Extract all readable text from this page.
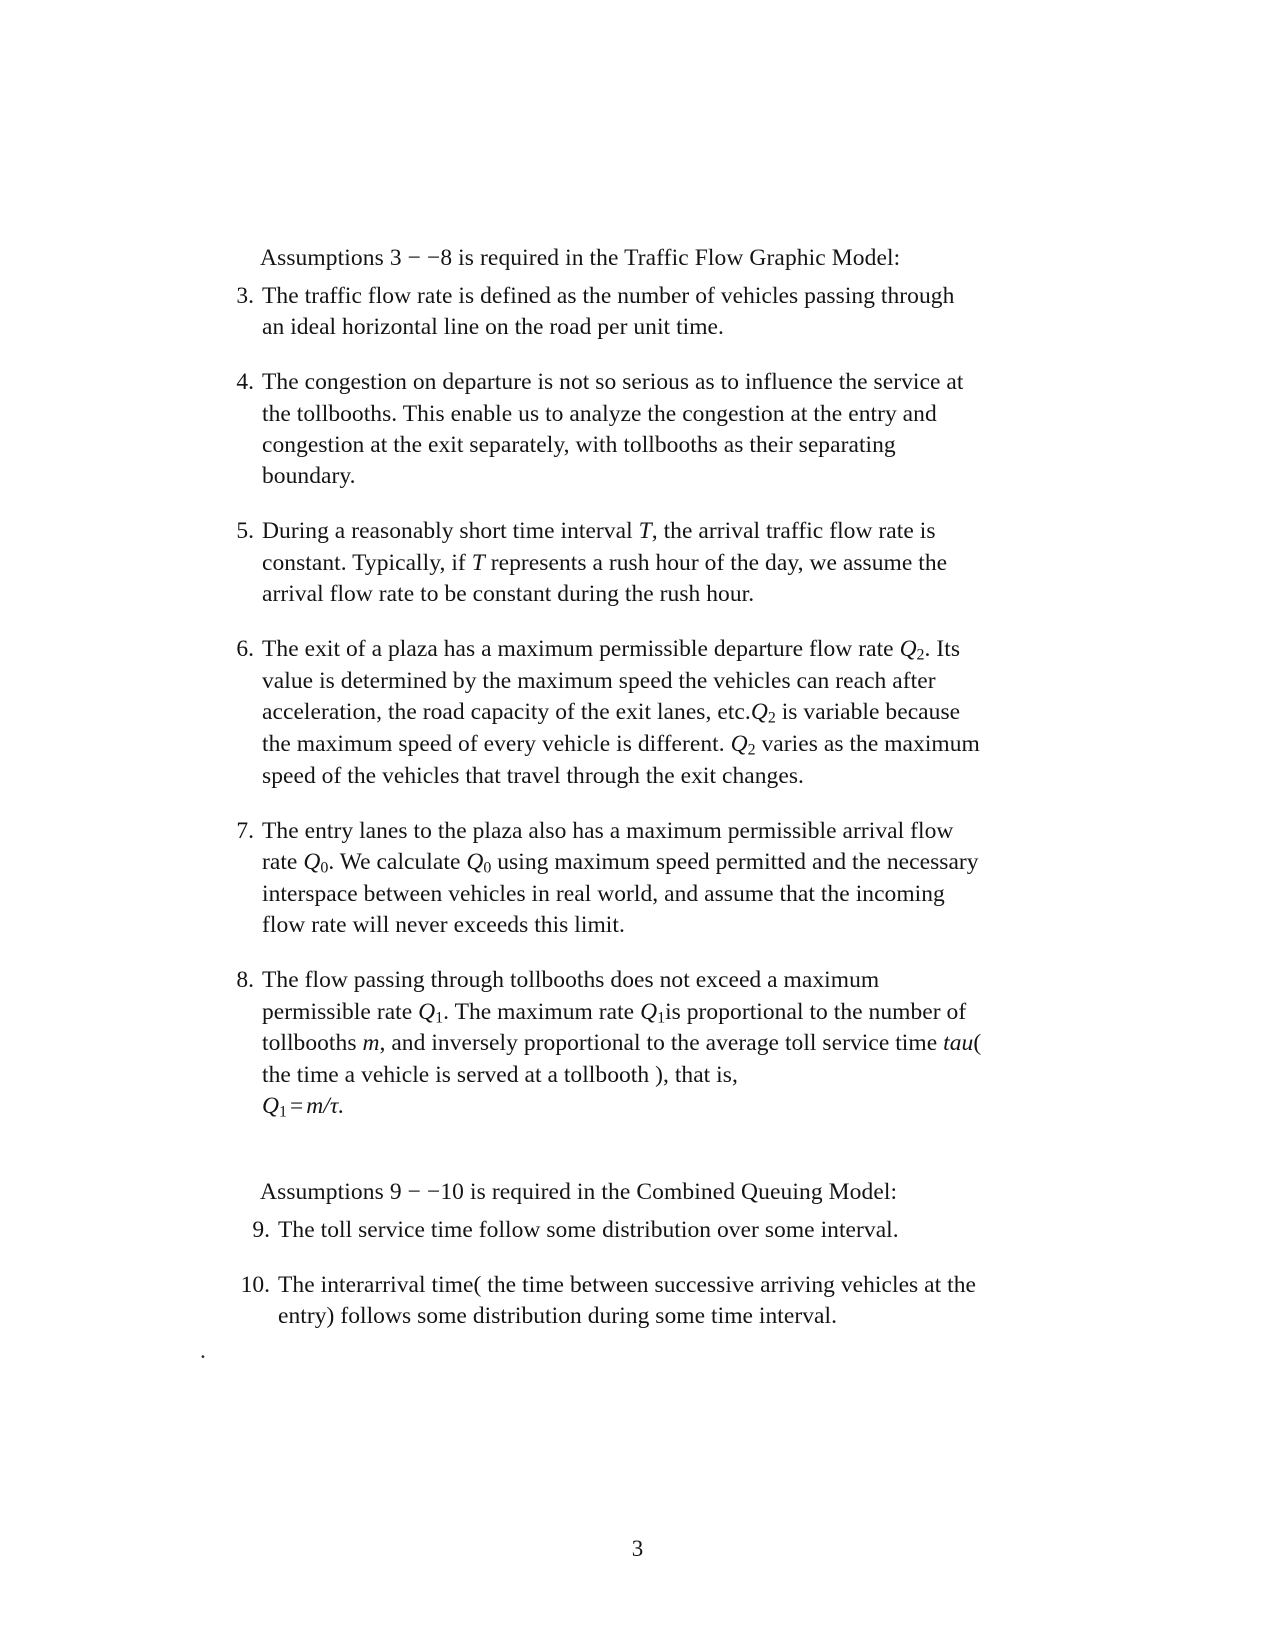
Assumptions 3 − −8 is required in the Traffic Flow Graphic Model:

3. The traffic flow rate is defined as the number of vehicles passing through an ideal horizontal line on the road per unit time.
4. The congestion on departure is not so serious as to influence the service at the tollbooths. This enable us to analyze the congestion at the entry and congestion at the exit separately, with tollbooths as their separating boundary.
5. During a reasonably short time interval T, the arrival traffic flow rate is constant. Typically, if T represents a rush hour of the day, we assume the arrival flow rate to be constant during the rush hour.
6. The exit of a plaza has a maximum permissible departure flow rate $Q_2$. Its value is determined by the maximum speed the vehicles can reach after acceleration, the road capacity of the exit lanes, $etc.Q_2$ is variable because the maximum speed of every vehicle is different. $Q_2$ varies as the maximum speed of the vehicles that travel through the exit changes.
7. The entry lanes to the plaza also has a maximum permissible arrival flow rate $Q_0$. We calculate $Q_0$ using maximum speed permitted and the necessary interspace between vehicles in real world, and assume that the incoming flow rate will never exceeds this limit.
8. The flow passing through tollbooths does not exceed a maximum permissible rate $Q_1$. The maximum rate $Q_1is$ proportional to the number of tollbooths m, and inversely proportional to the average toll service time tau( the time a vehicle is served at a tollbooth ), that is,
$Q_1 = m/\tau$.

Assumptions 9 − −10 is required in the Combined Queuing Model:

9. The toll service time follow some distribution over some interval.
10. The interarrival time( the time between successive arriving vehicles at the entry) follows some distribution during some time interval.
.
3
